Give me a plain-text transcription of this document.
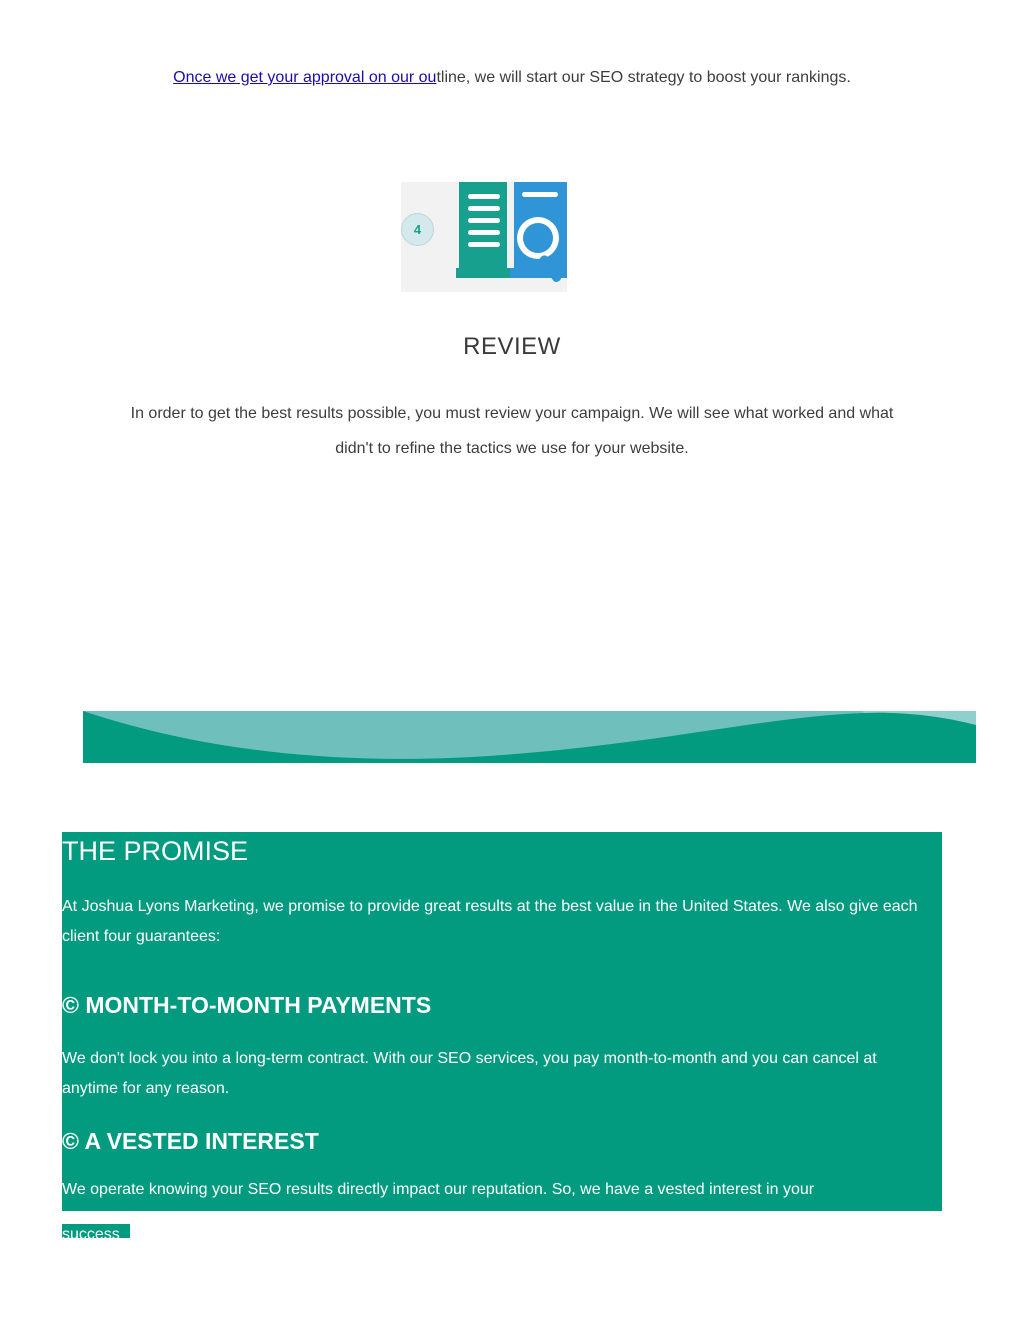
Once we get your approval on our outline, we will start our SEO strategy to boost your rankings.
4
REVIEW
In order to get the best results possible, you must review your campaign. We will see what worked and what didn't to refine the tactics we use for your website.
THE PROMISE
At Joshua Lyons Marketing, we promise to provide great results at the best value in the United States. We also give each client four guarantees:
© MONTH-TO-MONTH PAYMENTS
We don't lock you into a long-term contract. With our SEO services, you pay month-to-month and you can cancel at anytime for any reason.
© A VESTED INTEREST
We operate knowing your SEO results directly impact our reputation. So, we have a vested interest in your
success
